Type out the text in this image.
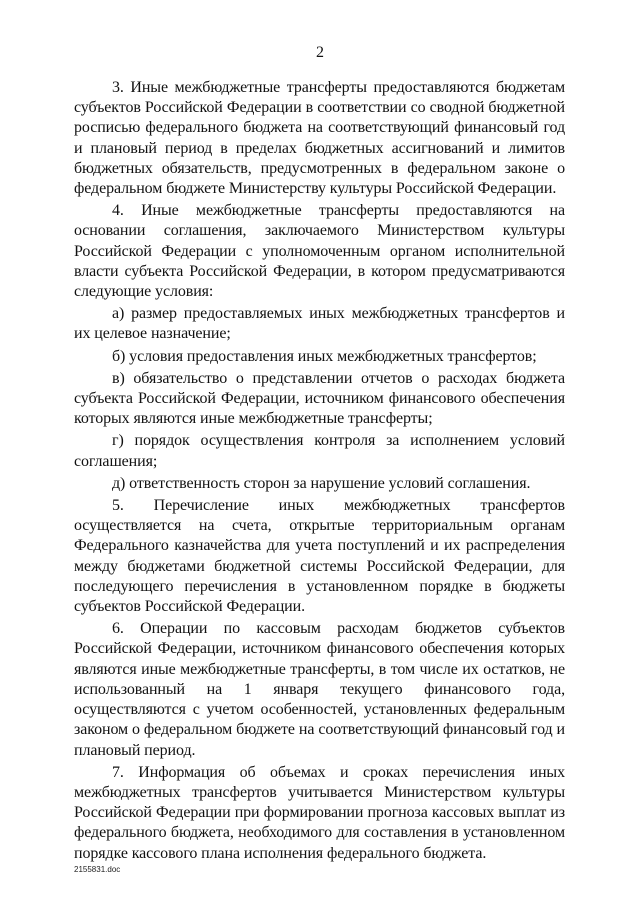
2

3. Иные межбюджетные трансферты предоставляются бюджетам субъектов Российской Федерации в соответствии со сводной бюджетной росписью федерального бюджета на соответствующий финансовый год и плановый период в пределах бюджетных ассигнований и лимитов бюджетных обязательств, предусмотренных в федеральном законе о федеральном бюджете Министерству культуры Российской Федерации.

4. Иные межбюджетные трансферты предоставляются на основании соглашения, заключаемого Министерством культуры Российской Федерации с уполномоченным органом исполнительной власти субъекта Российской Федерации, в котором предусматриваются следующие условия:

а) размер предоставляемых иных межбюджетных трансфертов и их целевое назначение;

б) условия предоставления иных межбюджетных трансфертов;

в) обязательство о представлении отчетов о расходах бюджета субъекта Российской Федерации, источником финансового обеспечения которых являются иные межбюджетные трансферты;

г) порядок осуществления контроля за исполнением условий соглашения;

д) ответственность сторон за нарушение условий соглашения.

5. Перечисление иных межбюджетных трансфертов осуществляется на счета, открытые территориальным органам Федерального казначейства для учета поступлений и их распределения между бюджетами бюджетной системы Российской Федерации, для последующего перечисления в установленном порядке в бюджеты субъектов Российской Федерации.

6. Операции по кассовым расходам бюджетов субъектов Российской Федерации, источником финансового обеспечения которых являются иные межбюджетные трансферты, в том числе их остатков, не использованный на 1 января текущего финансового года, осуществляются с учетом особенностей, установленных федеральным законом о федеральном бюджете на соответствующий финансовый год и плановый период.

7. Информация об объемах и сроках перечисления иных межбюджетных трансфертов учитывается Министерством культуры Российской Федерации при формировании прогноза кассовых выплат из федерального бюджета, необходимого для составления в установленном порядке кассового плана исполнения федерального бюджета.

2155831.doc
